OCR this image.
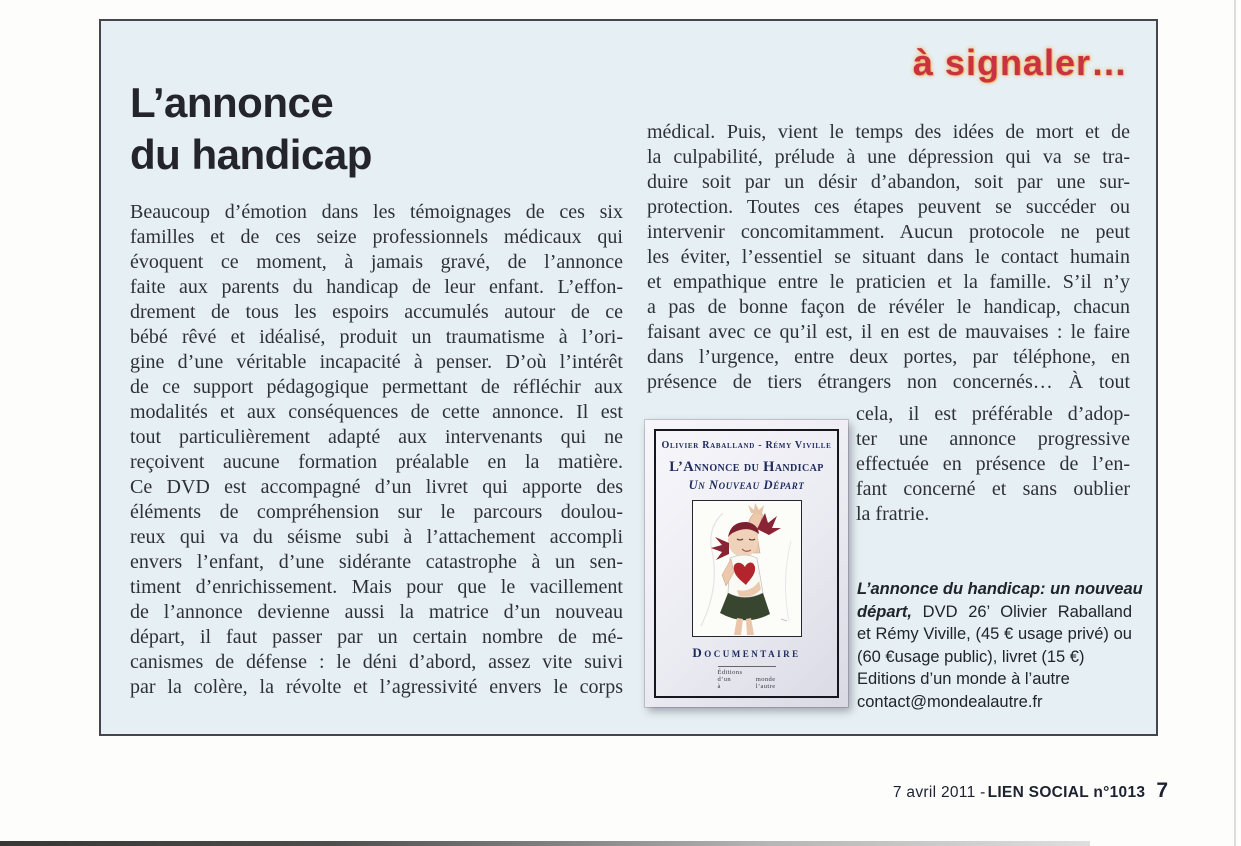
à signaler…
L’annonce
du handicap
Beaucoup d’émotion dans les témoignages de ces six
familles et de ces seize professionnels médicaux qui
évoquent ce moment, à jamais gravé, de l’annonce
faite aux parents du handicap de leur enfant. L’effon-
drement de tous les espoirs accumulés autour de ce
bébé rêvé et idéalisé, produit un traumatisme à l’ori-
gine d’une véritable incapacité à penser. D’où l’intérêt
de ce support pédagogique permettant de réfléchir aux
modalités et aux conséquences de cette annonce. Il est
tout particulièrement adapté aux intervenants qui ne
reçoivent aucune formation préalable en la matière.
Ce DVD est accompagné d’un livret qui apporte des
éléments de compréhension sur le parcours doulou-
reux qui va du séisme subi à l’attachement accompli
envers l’enfant, d’une sidérante catastrophe à un sen-
timent d’enrichissement. Mais pour que le vacillement
de l’annonce devienne aussi la matrice d’un nouveau
départ, il faut passer par un certain nombre de mé-
canismes de défense : le déni d’abord, assez vite suivi
par la colère, la révolte et l’agressivité envers le corps
médical. Puis, vient le temps des idées de mort et de
la culpabilité, prélude à une dépression qui va se tra-
duire soit par un désir d’abandon, soit par une sur-
protection. Toutes ces étapes peuvent se succéder ou
intervenir concomitamment. Aucun protocole ne peut
les éviter, l’essentiel se situant dans le contact humain
et empathique entre le praticien et la famille. S’il n’y
a pas de bonne façon de révéler le handicap, chacun
faisant avec ce qu’il est, il en est de mauvaises : le faire
dans l’urgence, entre deux portes, par téléphone, en
présence de tiers étrangers non concernés… À tout
cela, il est préférable d’adop-
ter une annonce progressive
effectuée en présence de l’en-
fant concerné et sans oublier
la fratrie.
Olivier Raballand - Rémy Viville
L’Annonce du Handicap
Un Nouveau Départ
Documentaire
Éditions
d’un monde
à l’autre
L’annonce du handicap: un nouveau
départ, DVD 26’ Olivier Raballand
et Rémy Viville, (45 € usage privé) ou
(60 €usage public), livret (15 €)
Editions d’un monde à l’autre
contact@mondealautre.fr
7 avril 2011 - LIEN SOCIAL n°1013 7
